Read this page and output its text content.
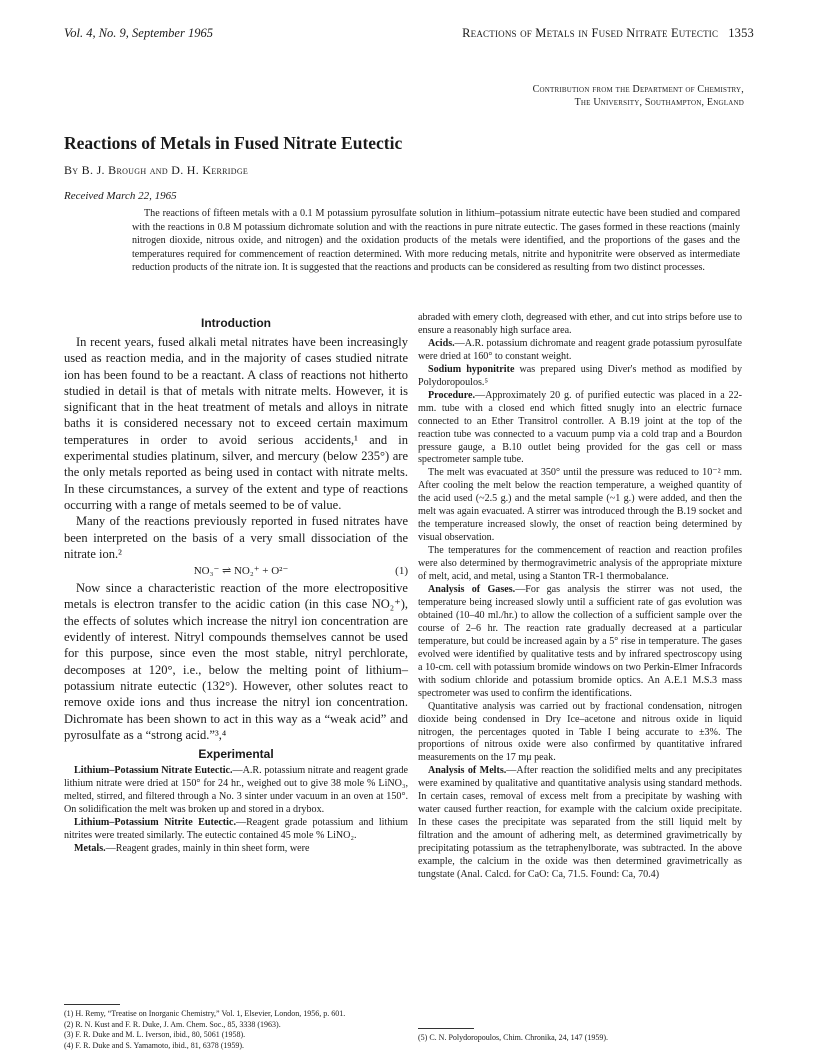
Vol. 4, No. 9, September 1965	Reactions of Metals in Fused Nitrate Eutectic 1353
Contribution from the Department of Chemistry,
The University, Southampton, England
Reactions of Metals in Fused Nitrate Eutectic
By B. J. Brough and D. H. Kerridge
Received March 22, 1965

The reactions of fifteen metals with a 0.1 M potassium pyrosulfate solution in lithium–potassium nitrate eutectic have been studied and compared with the reactions in 0.8 M potassium dichromate solution and with the reactions in pure nitrate eutectic. The gases formed in these reactions (mainly nitrogen dioxide, nitrous oxide, and nitrogen) and the oxidation products of the metals were identified, and the proportions of the gases and the temperatures required for commencement of reaction determined. With more reducing metals, nitrite and hyponitrite were observed as intermediate reduction products of the nitrate ion. It is suggested that the reactions and products can be considered as resulting from two distinct processes.

Introduction

In recent years, fused alkali metal nitrates have been increasingly used as reaction media, and in the majority of cases studied nitrate ion has been found to be a reactant. A class of reactions not hitherto studied in detail is that of metals with nitrate melts. However, it is significant that in the heat treatment of metals and alloys in nitrate baths it is considered necessary not to exceed certain maximum temperatures in order to avoid serious accidents,¹ and in experimental studies platinum, silver, and mercury (below 235°) are the only metals reported as being used in contact with nitrate melts. In these circumstances, a survey of the extent and type of reactions occurring with a range of metals seemed to be of value.

Many of the reactions previously reported in fused nitrates have been interpreted on the basis of a very small dissociation of the nitrate ion.²

NO₃⁻ ⇌ NO₂⁺ + O²⁻	(1)

Now since a characteristic reaction of the more electropositive metals is electron transfer to the acidic cation (in this case NO₂⁺), the effects of solutes which increase the nitryl ion concentration are evidently of interest. Nitryl compounds themselves cannot be used for this purpose, since even the most stable, nitryl perchlorate, decomposes at 120°, i.e., below the melting point of lithium–potassium nitrate eutectic (132°). However, other solutes react to remove oxide ions and thus increase the nitryl ion concentration. Dichromate has been shown to act in this way as a “weak acid” and pyrosulfate as a “strong acid.”³,⁴

Experimental

Lithium–Potassium Nitrate Eutectic.—A.R. potassium nitrate and reagent grade lithium nitrate were dried at 150° for 24 hr., weighed out to give 38 mole % LiNO₃, melted, stirred, and filtered through a No. 3 sinter under vacuum in an oven at 150°. On solidification the melt was broken up and stored in a drybox.

Lithium–Potassium Nitrite Eutectic.—Reagent grade potassium and lithium nitrites were treated similarly. The eutectic contained 45 mole % LiNO₂.

Metals.—Reagent grades, mainly in thin sheet form, were

(1) H. Remy, “Treatise on Inorganic Chemistry,” Vol. 1, Elsevier, London, 1956, p. 601.

(2) R. N. Kust and F. R. Duke, J. Am. Chem. Soc., 85, 3338 (1963).

(3) F. R. Duke and M. L. Iverson, ibid., 80, 5061 (1958).

(4) F. R. Duke and S. Yamamoto, ibid., 81, 6378 (1959).

abraded with emery cloth, degreased with ether, and cut into strips before use to ensure a reasonably high surface area.

Acids.—A.R. potassium dichromate and reagent grade potassium pyrosulfate were dried at 160° to constant weight.

Sodium hyponitrite was prepared using Diver's method as modified by Polydoropoulos.⁵

Procedure.—Approximately 20 g. of purified eutectic was placed in a 22-mm. tube with a closed end which fitted snugly into an electric furnace connected to an Ether Transitrol controller. A B.19 joint at the top of the reaction tube was connected to a vacuum pump via a cold trap and a Bourdon pressure gauge, a B.10 outlet being provided for the gas cell or mass spectrometer sample tube.

The melt was evacuated at 350° until the pressure was reduced to 10⁻² mm. After cooling the melt below the reaction temperature, a weighed quantity of the acid used (~2.5 g.) and the metal sample (~1 g.) were added, and then the melt was again evacuated. A stirrer was introduced through the B.19 socket and the temperature increased slowly, the onset of reaction being determined by visual observation.

The temperatures for the commencement of reaction and reaction profiles were also determined by thermogravimetric analysis of the appropriate mixture of melt, acid, and metal, using a Stanton TR-1 thermobalance.

Analysis of Gases.—For gas analysis the stirrer was not used, the temperature being increased slowly until a sufficient rate of gas evolution was obtained (10–40 ml./hr.) to allow the collection of a sufficient sample over the course of 2–6 hr. The reaction rate gradually decreased at a particular temperature, but could be increased again by a 5° rise in temperature. The gases evolved were identified by qualitative tests and by infrared spectroscopy using a 10-cm. cell with potassium bromide windows on two Perkin-Elmer Infracords with sodium chloride and potassium bromide optics. An A.E.1 M.S.3 mass spectrometer was used to confirm the identifications.

Quantitative analysis was carried out by fractional condensation, nitrogen dioxide being condensed in Dry Ice–acetone and nitrous oxide in liquid nitrogen, the percentages quoted in Table I being accurate to ±3%. The proportions of nitrous oxide were also confirmed by quantitative infrared measurements on the 17 mμ peak.

Analysis of Melts.—After reaction the solidified melts and any precipitates were examined by qualitative and quantitative analysis using standard methods. In certain cases, removal of excess melt from a precipitate by washing with water caused further reaction, for example with the calcium oxide precipitate. In these cases the precipitate was separated from the still liquid melt by filtration and the amount of adhering melt, as determined gravimetrically by precipitating potassium as the tetraphenylborate, was subtracted. In the above example, the calcium in the oxide was then determined gravimetrically as tungstate (Anal. Calcd. for CaO: Ca, 71.5. Found: Ca, 70.4)

(5) C. N. Polydoropoulos, Chim. Chronika, 24, 147 (1959).
